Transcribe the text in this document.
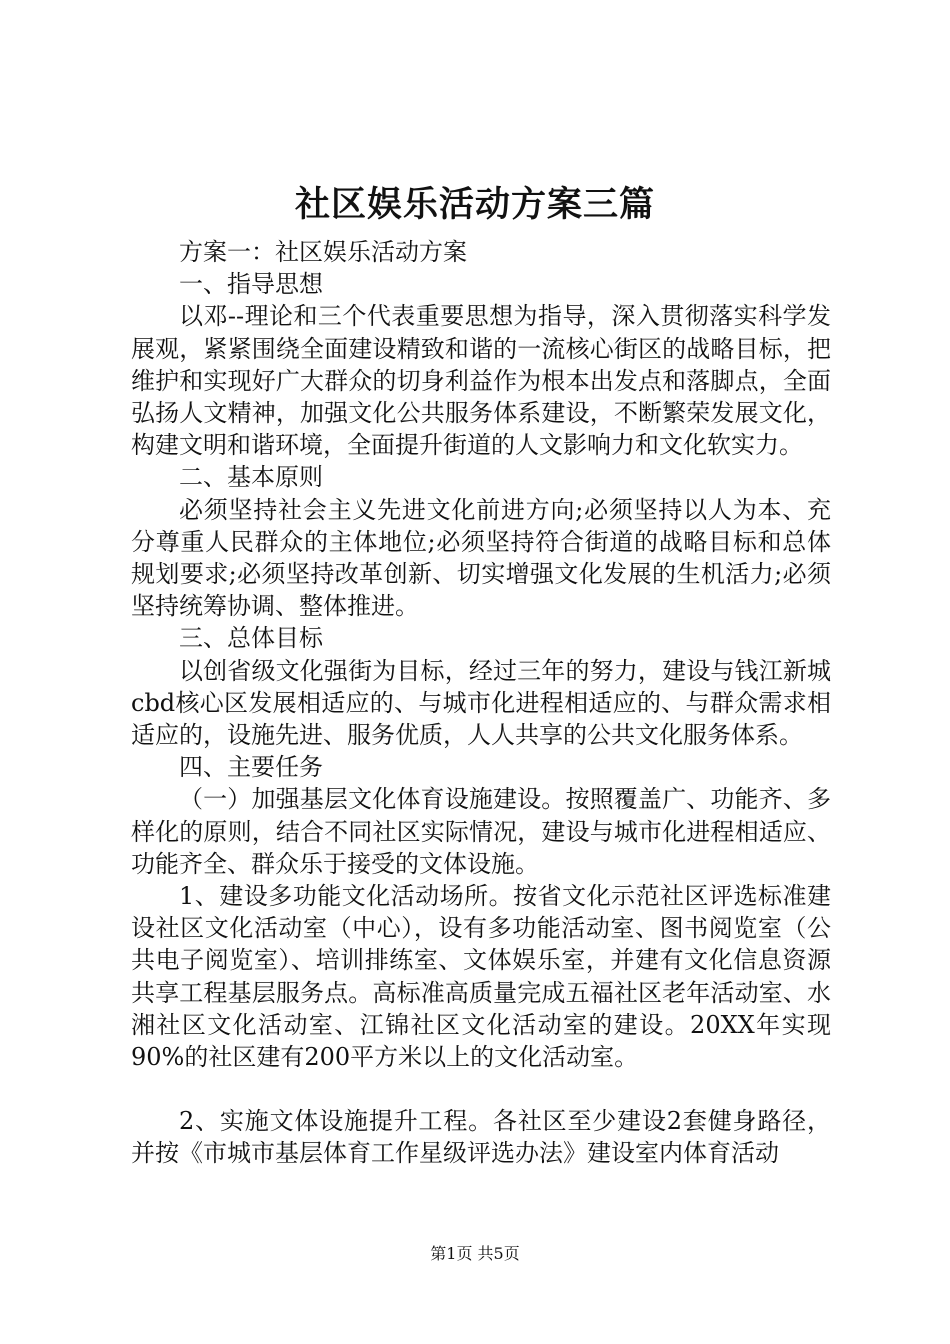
社区娱乐活动方案三篇

方案一：社区娱乐活动方案

一、指导思想

以邓--理论和三个代表重要思想为指导，深入贯彻落实科学发展观，紧紧围绕全面建设精致和谐的一流核心街区的战略目标，把维护和实现好广大群众的切身利益作为根本出发点和落脚点，全面弘扬人文精神，加强文化公共服务体系建设，不断繁荣发展文化，构建文明和谐环境，全面提升街道的人文影响力和文化软实力。

二、基本原则

必须坚持社会主义先进文化前进方向;必须坚持以人为本、充分尊重人民群众的主体地位;必须坚持符合街道的战略目标和总体规划要求;必须坚持改革创新、切实增强文化发展的生机活力;必须坚持统筹协调、整体推进。

三、总体目标

以创省级文化强街为目标，经过三年的努力，建设与钱江新城cbd核心区发展相适应的、与城市化进程相适应的、与群众需求相适应的，设施先进、服务优质，人人共享的公共文化服务体系。

四、主要任务

（一）加强基层文化体育设施建设。按照覆盖广、功能齐、多样化的原则，结合不同社区实际情况，建设与城市化进程相适应、功能齐全、群众乐于接受的文体设施。

1、建设多功能文化活动场所。按省文化示范社区评选标准建设社区文化活动室（中心），设有多功能活动室、图书阅览室（公共电子阅览室）、培训排练室、文体娱乐室，并建有文化信息资源共享工程基层服务点。高标准高质量完成五福社区老年活动室、水湘社区文化活动室、江锦社区文化活动室的建设。20XX年实现90%的社区建有200平方米以上的文化活动室。

2、实施文体设施提升工程。各社区至少建设2套健身路径，并按《市城市基层体育工作星级评选办法》建设室内体育活动

第1页 共5页
